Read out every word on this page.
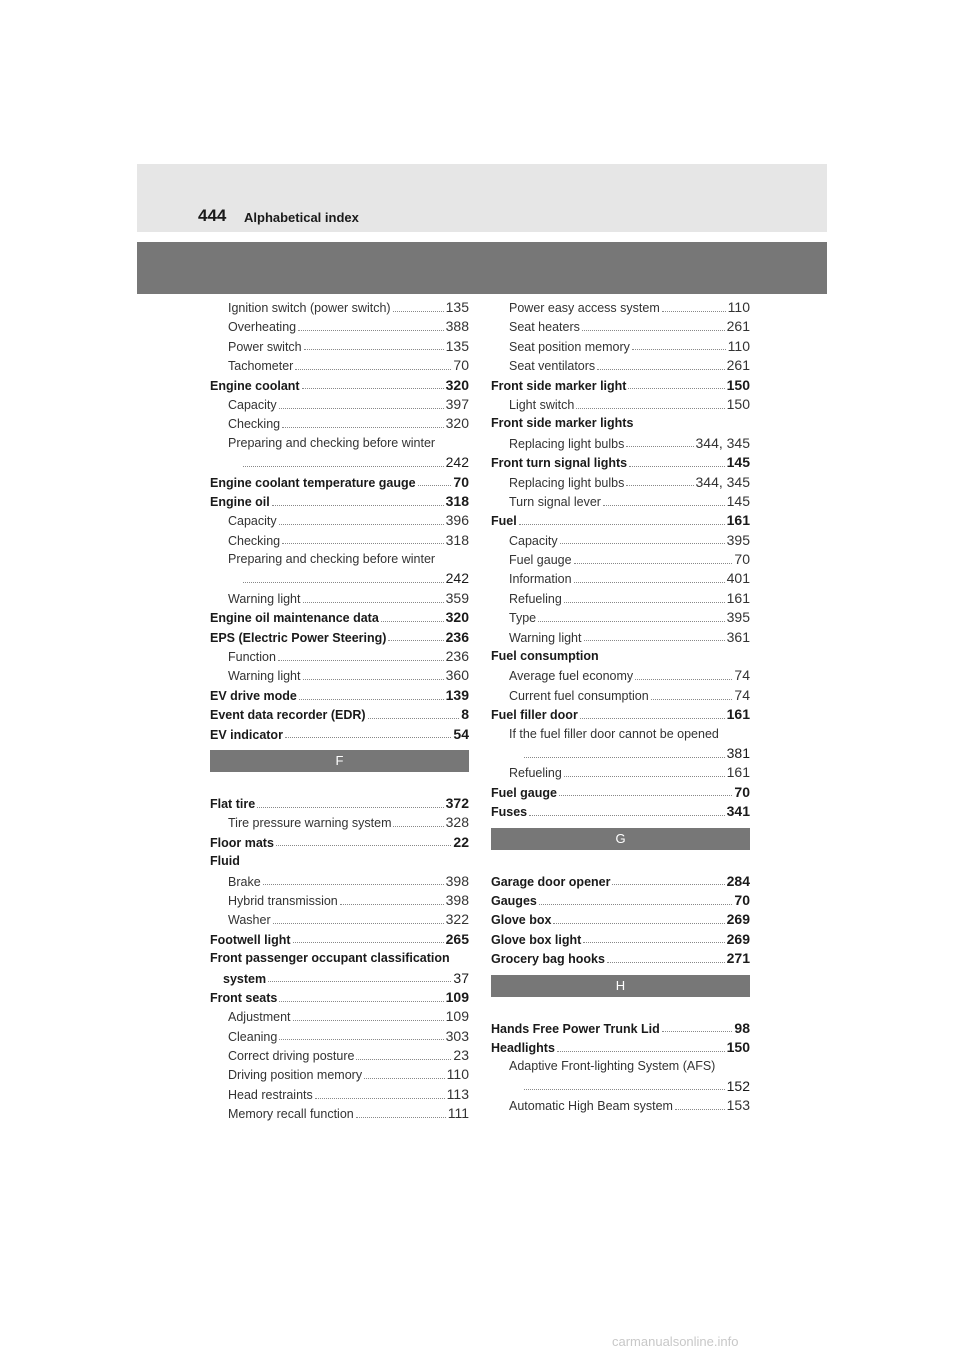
444 Alphabetical index
Ignition switch (power switch)	135
Overheating	388
Power switch	135
Tachometer	70
Engine coolant	320
Capacity	397
Checking	320
Preparing and checking before winter
242
Engine coolant temperature gauge	70
Engine oil	318
Capacity	396
Checking	318
Preparing and checking before winter
242
Warning light	359
Engine oil maintenance data	320
EPS (Electric Power Steering)	236
Function	236
Warning light	360
EV drive mode	139
Event data recorder (EDR)	8
EV indicator	54
F
Flat tire	372
Tire pressure warning system	328
Floor mats	22
Fluid
Brake	398
Hybrid transmission	398
Washer	322
Footwell light	265
Front passenger occupant classification
system	37
Front seats	109
Adjustment	109
Cleaning	303
Correct driving posture	23
Driving position memory	110
Head restraints	113
Memory recall function	111
Power easy access system	110
Seat heaters	261
Seat position memory	110
Seat ventilators	261
Front side marker light	150
Light switch	150
Front side marker lights
Replacing light bulbs	344, 345
Front turn signal lights	145
Replacing light bulbs	344, 345
Turn signal lever	145
Fuel	161
Capacity	395
Fuel gauge	70
Information	401
Refueling	161
Type	395
Warning light	361
Fuel consumption
Average fuel economy	74
Current fuel consumption	74
Fuel filler door	161
If the fuel filler door cannot be opened
381
Refueling	161
Fuel gauge	70
Fuses	341
G
Garage door opener	284
Gauges	70
Glove box	269
Glove box light	269
Grocery bag hooks	271
H
Hands Free Power Trunk Lid	98
Headlights	150
Adaptive Front-lighting System (AFS)
152
Automatic High Beam system	153
carmanualsonline.info
